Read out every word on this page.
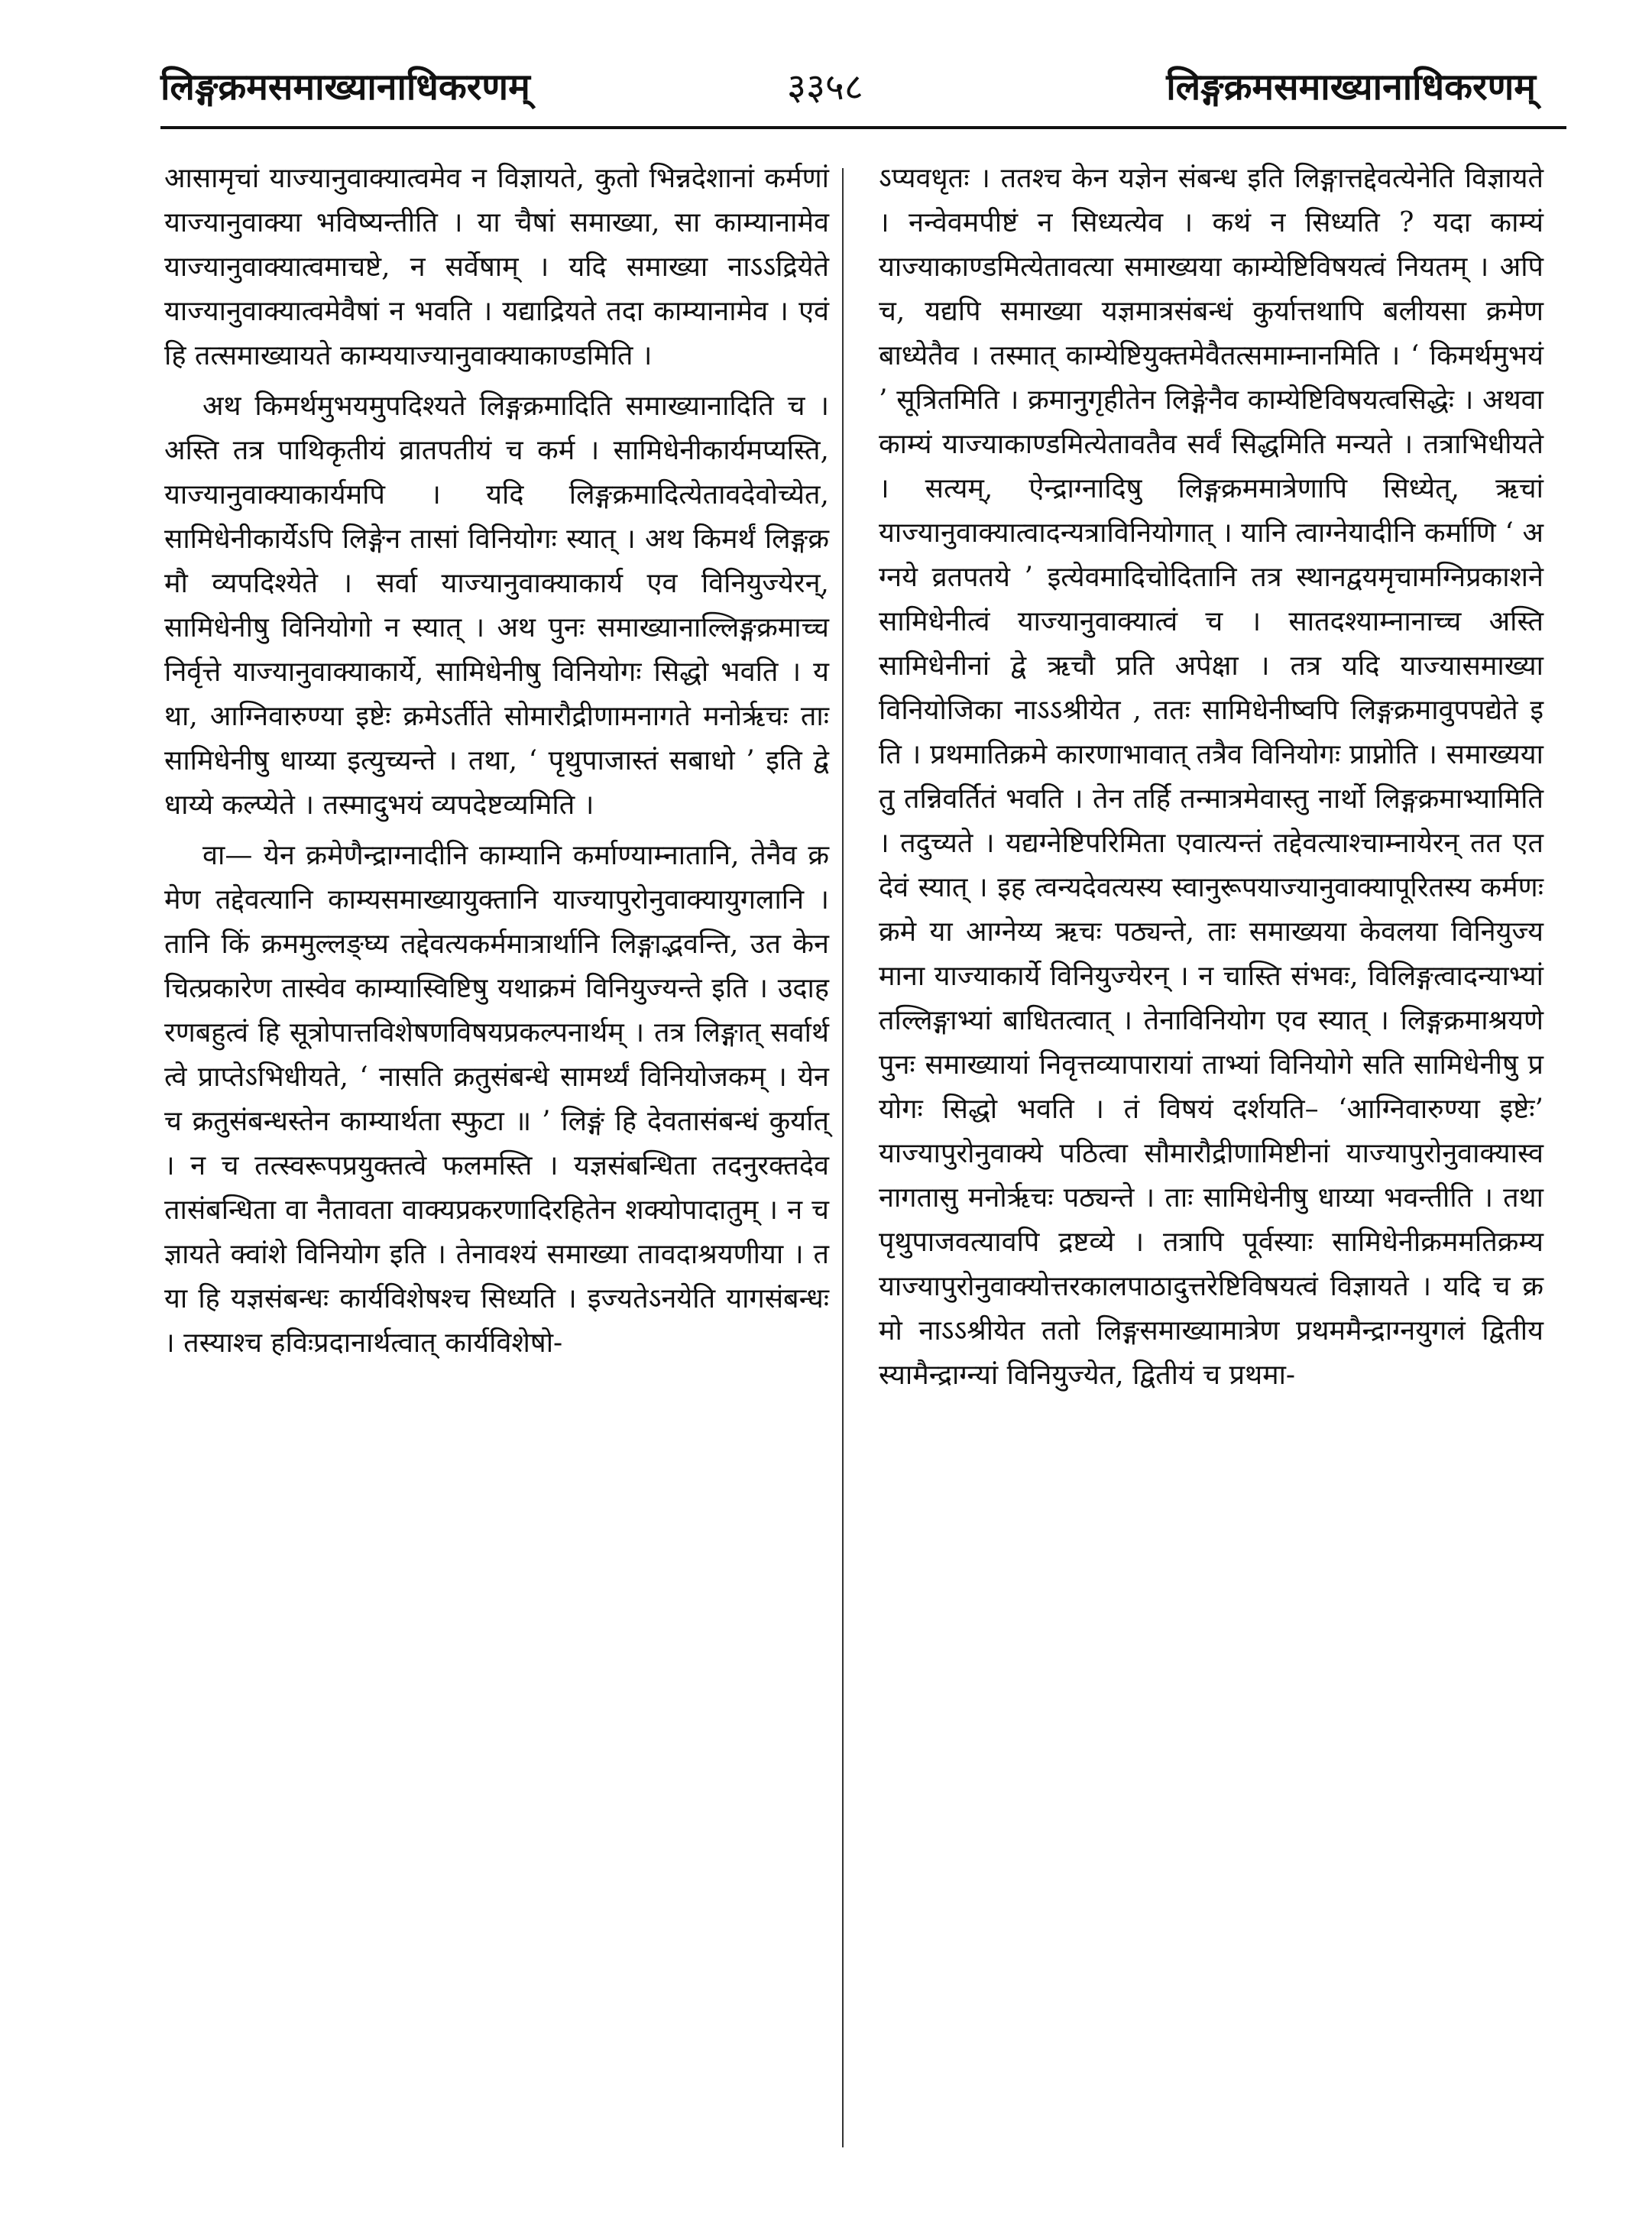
लिङ्गक्रमसमाख्यानाधिकरणम्	३३५८	लिङ्गक्रमसमाख्यानाधिकरणम्

आसामृचां याज्यानुवाक्यात्वमेव न विज्ञायते, कुतो भिन्नदेशानां कर्मणां याज्यानुवाक्या भविष्यन्तीति । या चैषां समाख्या, सा काम्यानामेव याज्यानुवाक्यात्वमाचष्टे, न सर्वेषाम् । यदि समाख्या नाऽऽद्रियेते याज्यानुवाक्यात्वमेवैषां न भवति । यद्याद्रियते तदा काम्यानामेव । एवं हि तत्समाख्यायते काम्ययाज्यानुवाक्याकाण्डमिति ।

अथ किमर्थमुभयमुपदिश्यते लिङ्गक्रमादिति समाख्यानादिति च । अस्ति तत्र पाथिकृतीयं व्रातपतीयं च कर्म । सामिधेनीकार्यमप्यस्ति, याज्यानुवाक्याकार्यमपि । यदि लिङ्गक्रमादित्येतावदेवोच्येत, सामिधेनीकार्येऽपि लिङ्गेन तासां विनियोगः स्यात् । अथ किमर्थं लिङ्गक्रमौ व्यपदिश्येते । सर्वा याज्यानुवाक्याकार्य एव विनियुज्येरन्, सामिधेनीषु विनियोगो न स्यात् । अथ पुनः समाख्यानाल्लिङ्गक्रमाच्च निर्वृत्ते याज्यानुवाक्याकार्ये, सामिधेनीषु विनियोगः सिद्धो भवति । यथा, आग्निवारुण्या इष्टेः क्रमेऽर्तीते सोमारौद्रीणामनागते मनोर्ऋचः ताः सामिधेनीषु धाय्या इत्युच्यन्ते । तथा, ‘ पृथुपाजास्तं सबाधो ’ इति द्वे धाय्ये कल्प्येते । तस्मादुभयं व्यपदेष्टव्यमिति ।

वा— येन क्रमेणैन्द्राग्नादीनि काम्यानि कर्माण्याम्नातानि, तेनैव क्रमेण तद्देवत्यानि काम्यसमाख्यायुक्तानि याज्यापुरोनुवाक्यायुगलानि । तानि किं क्रममुल्लङ्घ्य तद्देवत्यकर्ममात्रार्थानि लिङ्गाद्भवन्ति, उत केनचित्प्रकारेण तास्वेव काम्यास्विष्टिषु यथाक्रमं विनियुज्यन्ते इति । उदाहरणबहुत्वं हि सूत्रोपात्तविशेषणविषयप्रकल्पनार्थम् । तत्र लिङ्गात् सर्वार्थत्वे प्राप्तेऽभिधीयते, ‘ नासति क्रतुसंबन्धे सामर्थ्यं विनियोजकम् । येन च क्रतुसंबन्धस्तेन काम्यार्थता स्फुटा ॥ ’ लिङ्गं हि देवतासंबन्धं कुर्यात् । न च तत्स्वरूपप्रयुक्तत्वे फलमस्ति । यज्ञसंबन्धिता तदनुरक्तदेवतासंबन्धिता वा नैतावता वाक्यप्रकरणादिरहितेन शक्योपादातुम् । न च ज्ञायते क्वांशे विनियोग इति । तेनावश्यं समाख्या तावदाश्रयणीया । तया हि यज्ञसंबन्धः कार्यविशेषश्च सिध्यति । इज्यतेऽनयेति यागसंबन्धः । तस्याश्च हविःप्रदानार्थत्वात् कार्यविशेषो-

ऽप्यवधृतः । ततश्च केन यज्ञेन संबन्ध इति लिङ्गात्तद्देवत्येनेति विज्ञायते । नन्वेवमपीष्टं न सिध्यत्येव । कथं न सिध्यति ? यदा काम्यं याज्याकाण्डमित्येतावत्या समाख्यया काम्येष्टिविषयत्वं नियतम् । अपि च, यद्यपि समाख्या यज्ञमात्रसंबन्धं कुर्यात्तथापि बलीयसा क्रमेण बाध्येतैव । तस्मात् काम्येष्टियुक्तमेवैतत्समाम्नानमिति । ‘ किमर्थमुभयं ’ सूत्रितमिति । क्रमानुगृहीतेन लिङ्गेनैव काम्येष्टिविषयत्वसिद्धेः । अथवा काम्यं याज्याकाण्डमित्येतावतैव सर्वं सिद्धमिति मन्यते । तत्राभिधीयते । सत्यम्, ऐन्द्राग्नादिषु लिङ्गक्रममात्रेणापि सिध्येत्, ऋचां याज्यानुवाक्यात्वादन्यत्राविनियोगात् । यानि त्वाग्नेयादीनि कर्माणि ‘ अग्नये व्रतपतये ’ इत्येवमादिचोदितानि तत्र स्थानद्वयमृचामग्निप्रकाशने सामिधेनीत्वं याज्यानुवाक्यात्वं च । सातदश्याम्नानाच्च अस्ति सामिधेनीनां द्वे ऋचौ प्रति अपेक्षा । तत्र यदि याज्यासमाख्या विनियोजिका नाऽऽश्रीयेत , ततः सामिधेनीष्वपि लिङ्गक्रमावुपपद्येते इति । प्रथमातिक्रमे कारणाभावात् तत्रैव विनियोगः प्राप्नोति । समाख्यया तु तन्निवर्तितं भवति । तेन तर्हि तन्मात्रमेवास्तु नार्थो लिङ्गक्रमाभ्यामिति । तदुच्यते । यद्यग्नेष्टिपरिमिता एवात्यन्तं तद्देवत्याश्चाम्नायेरन् तत एतदेवं स्यात् । इह त्वन्यदेवत्यस्य स्वानुरूपयाज्यानुवाक्यापूरितस्य कर्मणः क्रमे या आग्नेय्य ऋचः पठ्यन्ते, ताः समाख्यया केवलया विनियुज्यमाना याज्याकार्ये विनियुज्येरन् । न चास्ति संभवः, विलिङ्गत्वादन्याभ्यां तल्लिङ्गाभ्यां बाधितत्वात् । तेनाविनियोग एव स्यात् । लिङ्गक्रमाश्रयणे पुनः समाख्यायां निवृत्तव्यापारायां ताभ्यां विनियोगे सति सामिधेनीषु प्रयोगः सिद्धो भवति । तं विषयं दर्शयति– ‘आग्निवारुण्या इष्टेः’ याज्यापुरोनुवाक्ये पठित्वा सौमारौद्रीणामिष्टीनां याज्यापुरोनुवाक्यास्वनागतासु मनोर्ऋचः पठ्यन्ते । ताः सामिधेनीषु धाय्या भवन्तीति । तथा पृथुपाजवत्यावपि द्रष्टव्ये । तत्रापि पूर्वस्याः सामिधेनीक्रममतिक्रम्य याज्यापुरोनुवाक्योत्तरकालपाठादुत्तरेष्टिविषयत्वं विज्ञायते । यदि च क्रमो नाऽऽश्रीयेत ततो लिङ्गसमाख्यामात्रेण प्रथममैन्द्राग्नयुगलं द्वितीयस्यामैन्द्राग्न्यां विनियुज्येत, द्वितीयं च प्रथमा-
